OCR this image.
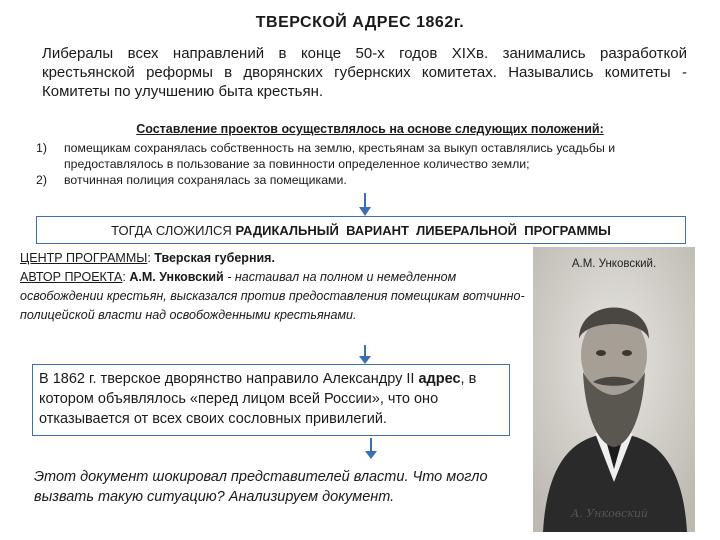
ТВЕРСКОЙ АДРЕС 1862г.
Либералы всех направлений в конце 50-х годов XIXв. занимались разработкой крестьянской реформы в дворянских губернских комитетах. Назывались комитеты - Комитеты по улучшению быта крестьян.
Составление проектов осуществлялось на основе следующих положений:
1) помещикам сохранялась собственность на землю, крестьянам за выкуп оставлялись усадьбы и предоставлялось в пользование за повинности определенное количество земли;
2) вотчинная полиция сохранялась за помещиками.
ТОГДА СЛОЖИЛСЯ РАДИКАЛЬНЫЙ  ВАРИАНТ  ЛИБЕРАЛЬНОЙ  ПРОГРАММЫ
ЦЕНТР ПРОГРАММЫ: Тверская губерния.
АВТОР ПРОЕКТА: А.М. Унковский - настаивал на полном и немедленном освобождении крестьян, высказался против предоставления помещикам вотчинно-полицейской власти над освобожденными крестьянами.
А. Унковский
А.М. Унковский.
В 1862 г. тверское дворянство направило Александру II адрес, в котором объявлялось «перед лицом всей России», что оно отказывается от всех своих сословных привилегий.
Этот документ шокировал представителей власти. Что могло вызвать такую ситуацию? Анализируем документ.
